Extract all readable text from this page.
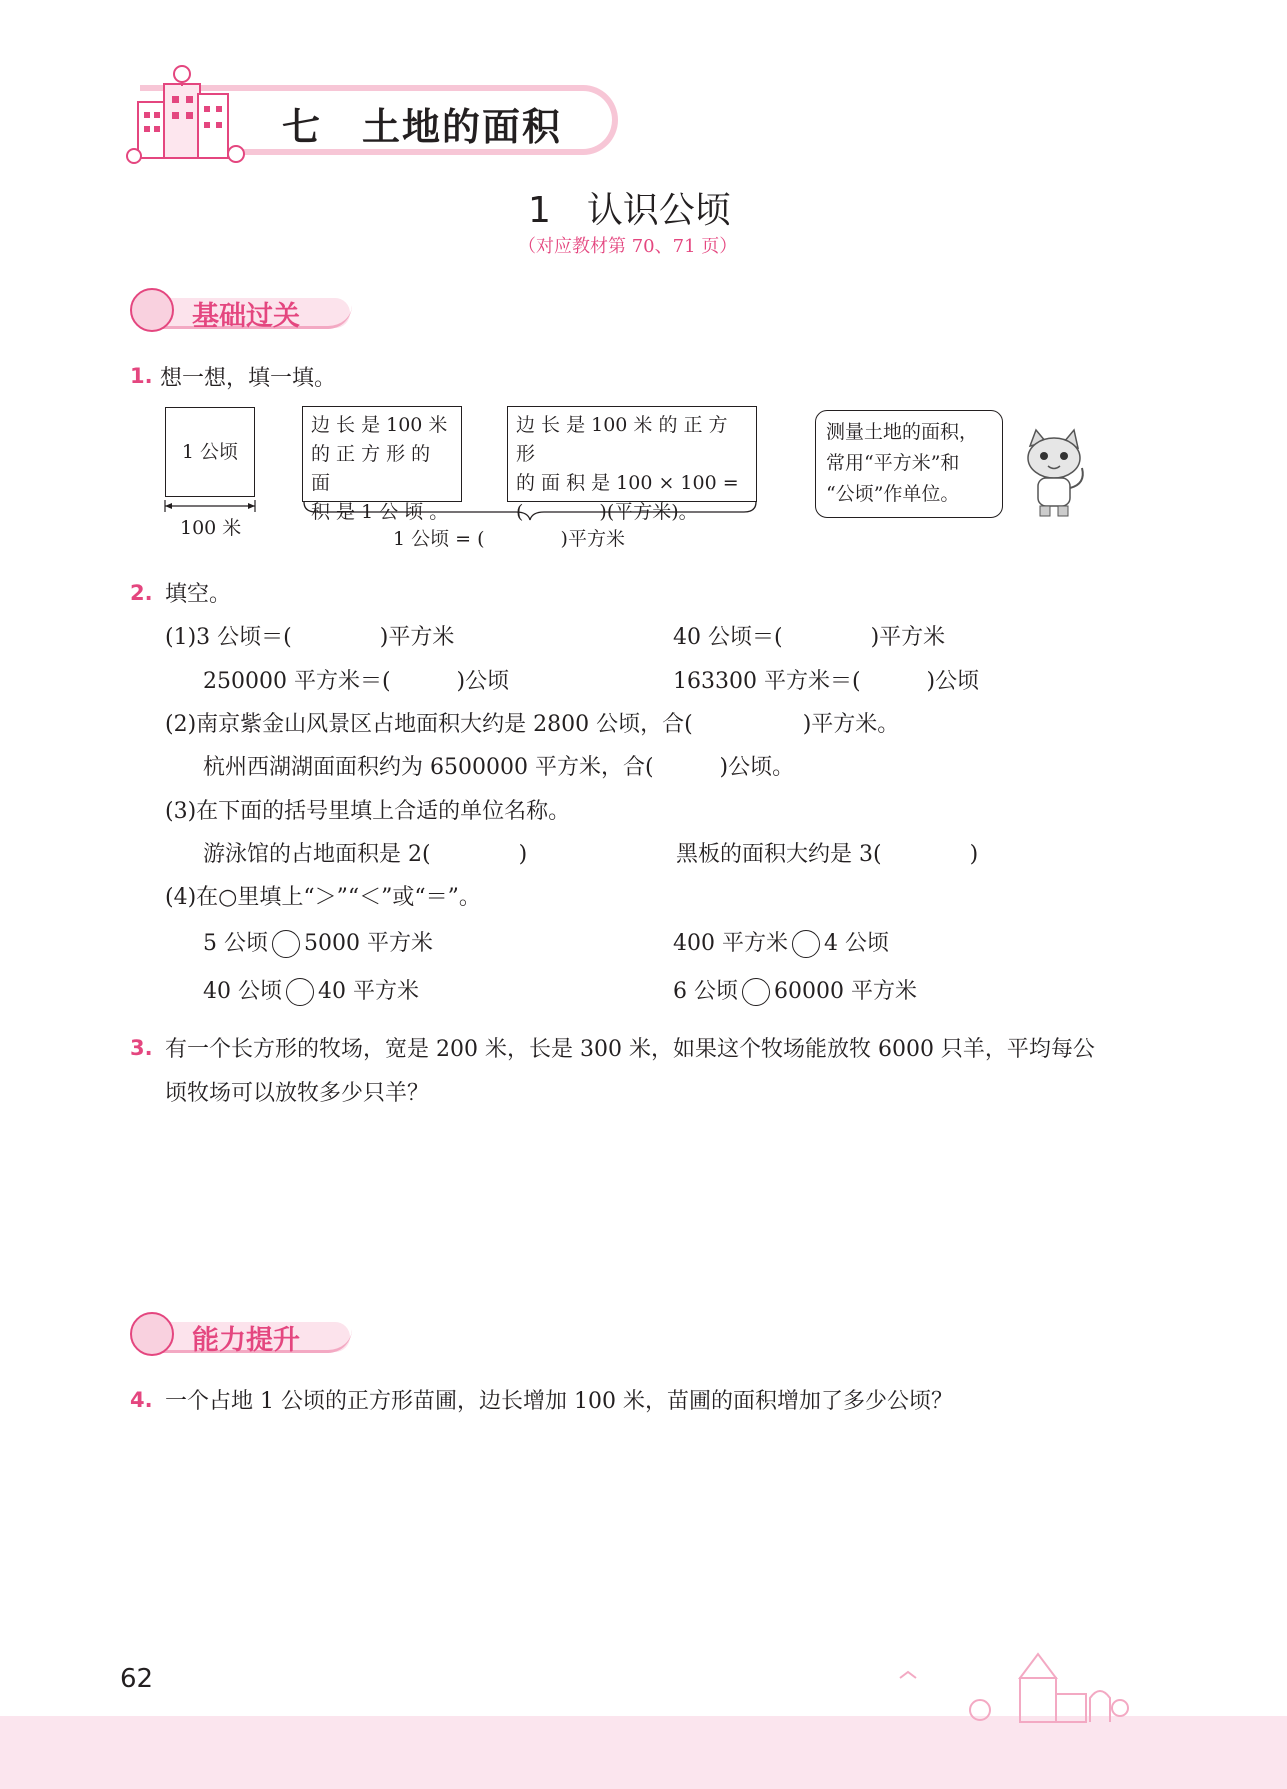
七　土地的面积
1　认识公顷
（对应教材第 70、71 页）
基础过关
1. 想一想，填一填。
1 公顷
100 米
边 长 是 100 米
的 正 方 形 的 面
积 是 1 公 顷 。
边 长 是 100 米 的 正 方 形
的 面 积 是 100 × 100 =
(　　　　)(平方米)。
1 公顷 = (　　　　)平方米
测量土地的面积，
常用“平方米”和
“公顷”作单位。
2. 填空。
(1)3 公顷＝(　　　　)平方米	40 公顷＝(　　　　)平方米
250000 平方米＝(　　　)公顷	163300 平方米＝(　　　)公顷
(2)南京紫金山风景区占地面积大约是 2800 公顷，合(　　　　　)平方米。
杭州西湖湖面面积约为 6500000 平方米，合(　　　)公顷。
(3)在下面的括号里填上合适的单位名称。
游泳馆的占地面积是 2(　　　　)	黑板的面积大约是 3(　　　　)
(4)在○里填上“＞”“＜”或“＝”。
5 公顷 5000 平方米	400 平方米 4 公顷
40 公顷 40 平方米	6 公顷 60000 平方米
3. 有一个长方形的牧场，宽是 200 米，长是 300 米，如果这个牧场能放牧 6000 只羊，平均每公
顷牧场可以放牧多少只羊？
能力提升
4. 一个占地 1 公顷的正方形苗圃，边长增加 100 米，苗圃的面积增加了多少公顷？
62
